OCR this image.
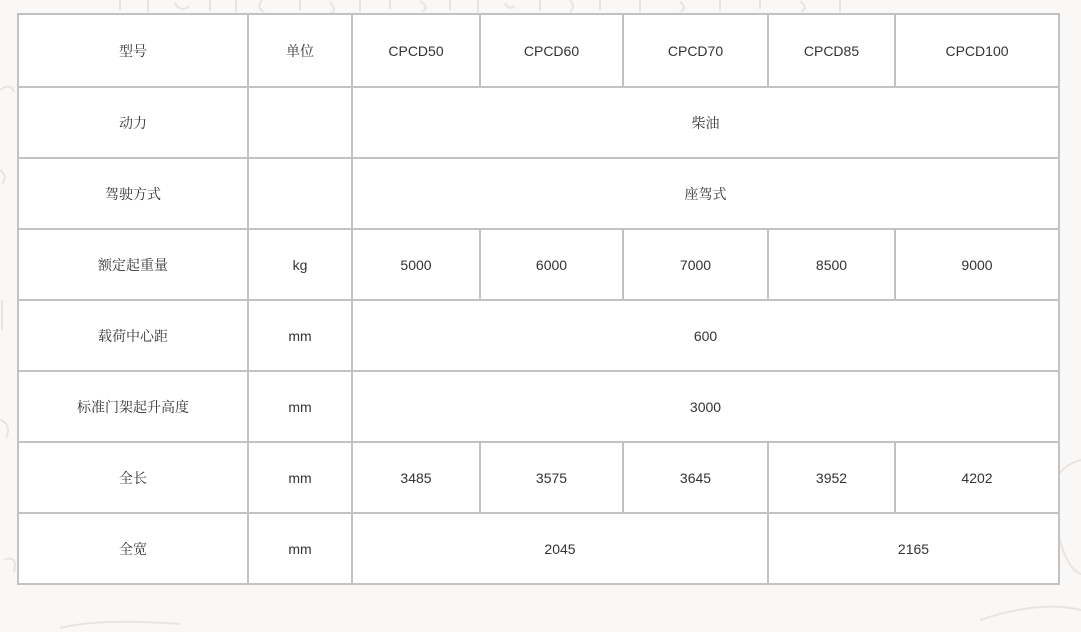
型号	单位	CPCD50	CPCD60	CPCD70	CPCD85	CPCD100
动力		柴油				
驾驶方式		座驾式				
额定起重量	kg	5000	6000	7000	8500	9000
载荷中心距	mm	600				
标准门架起升高度	mm	3000				
全长	mm	3485	3575	3645	3952	4202
全宽	mm	2045			2165	
